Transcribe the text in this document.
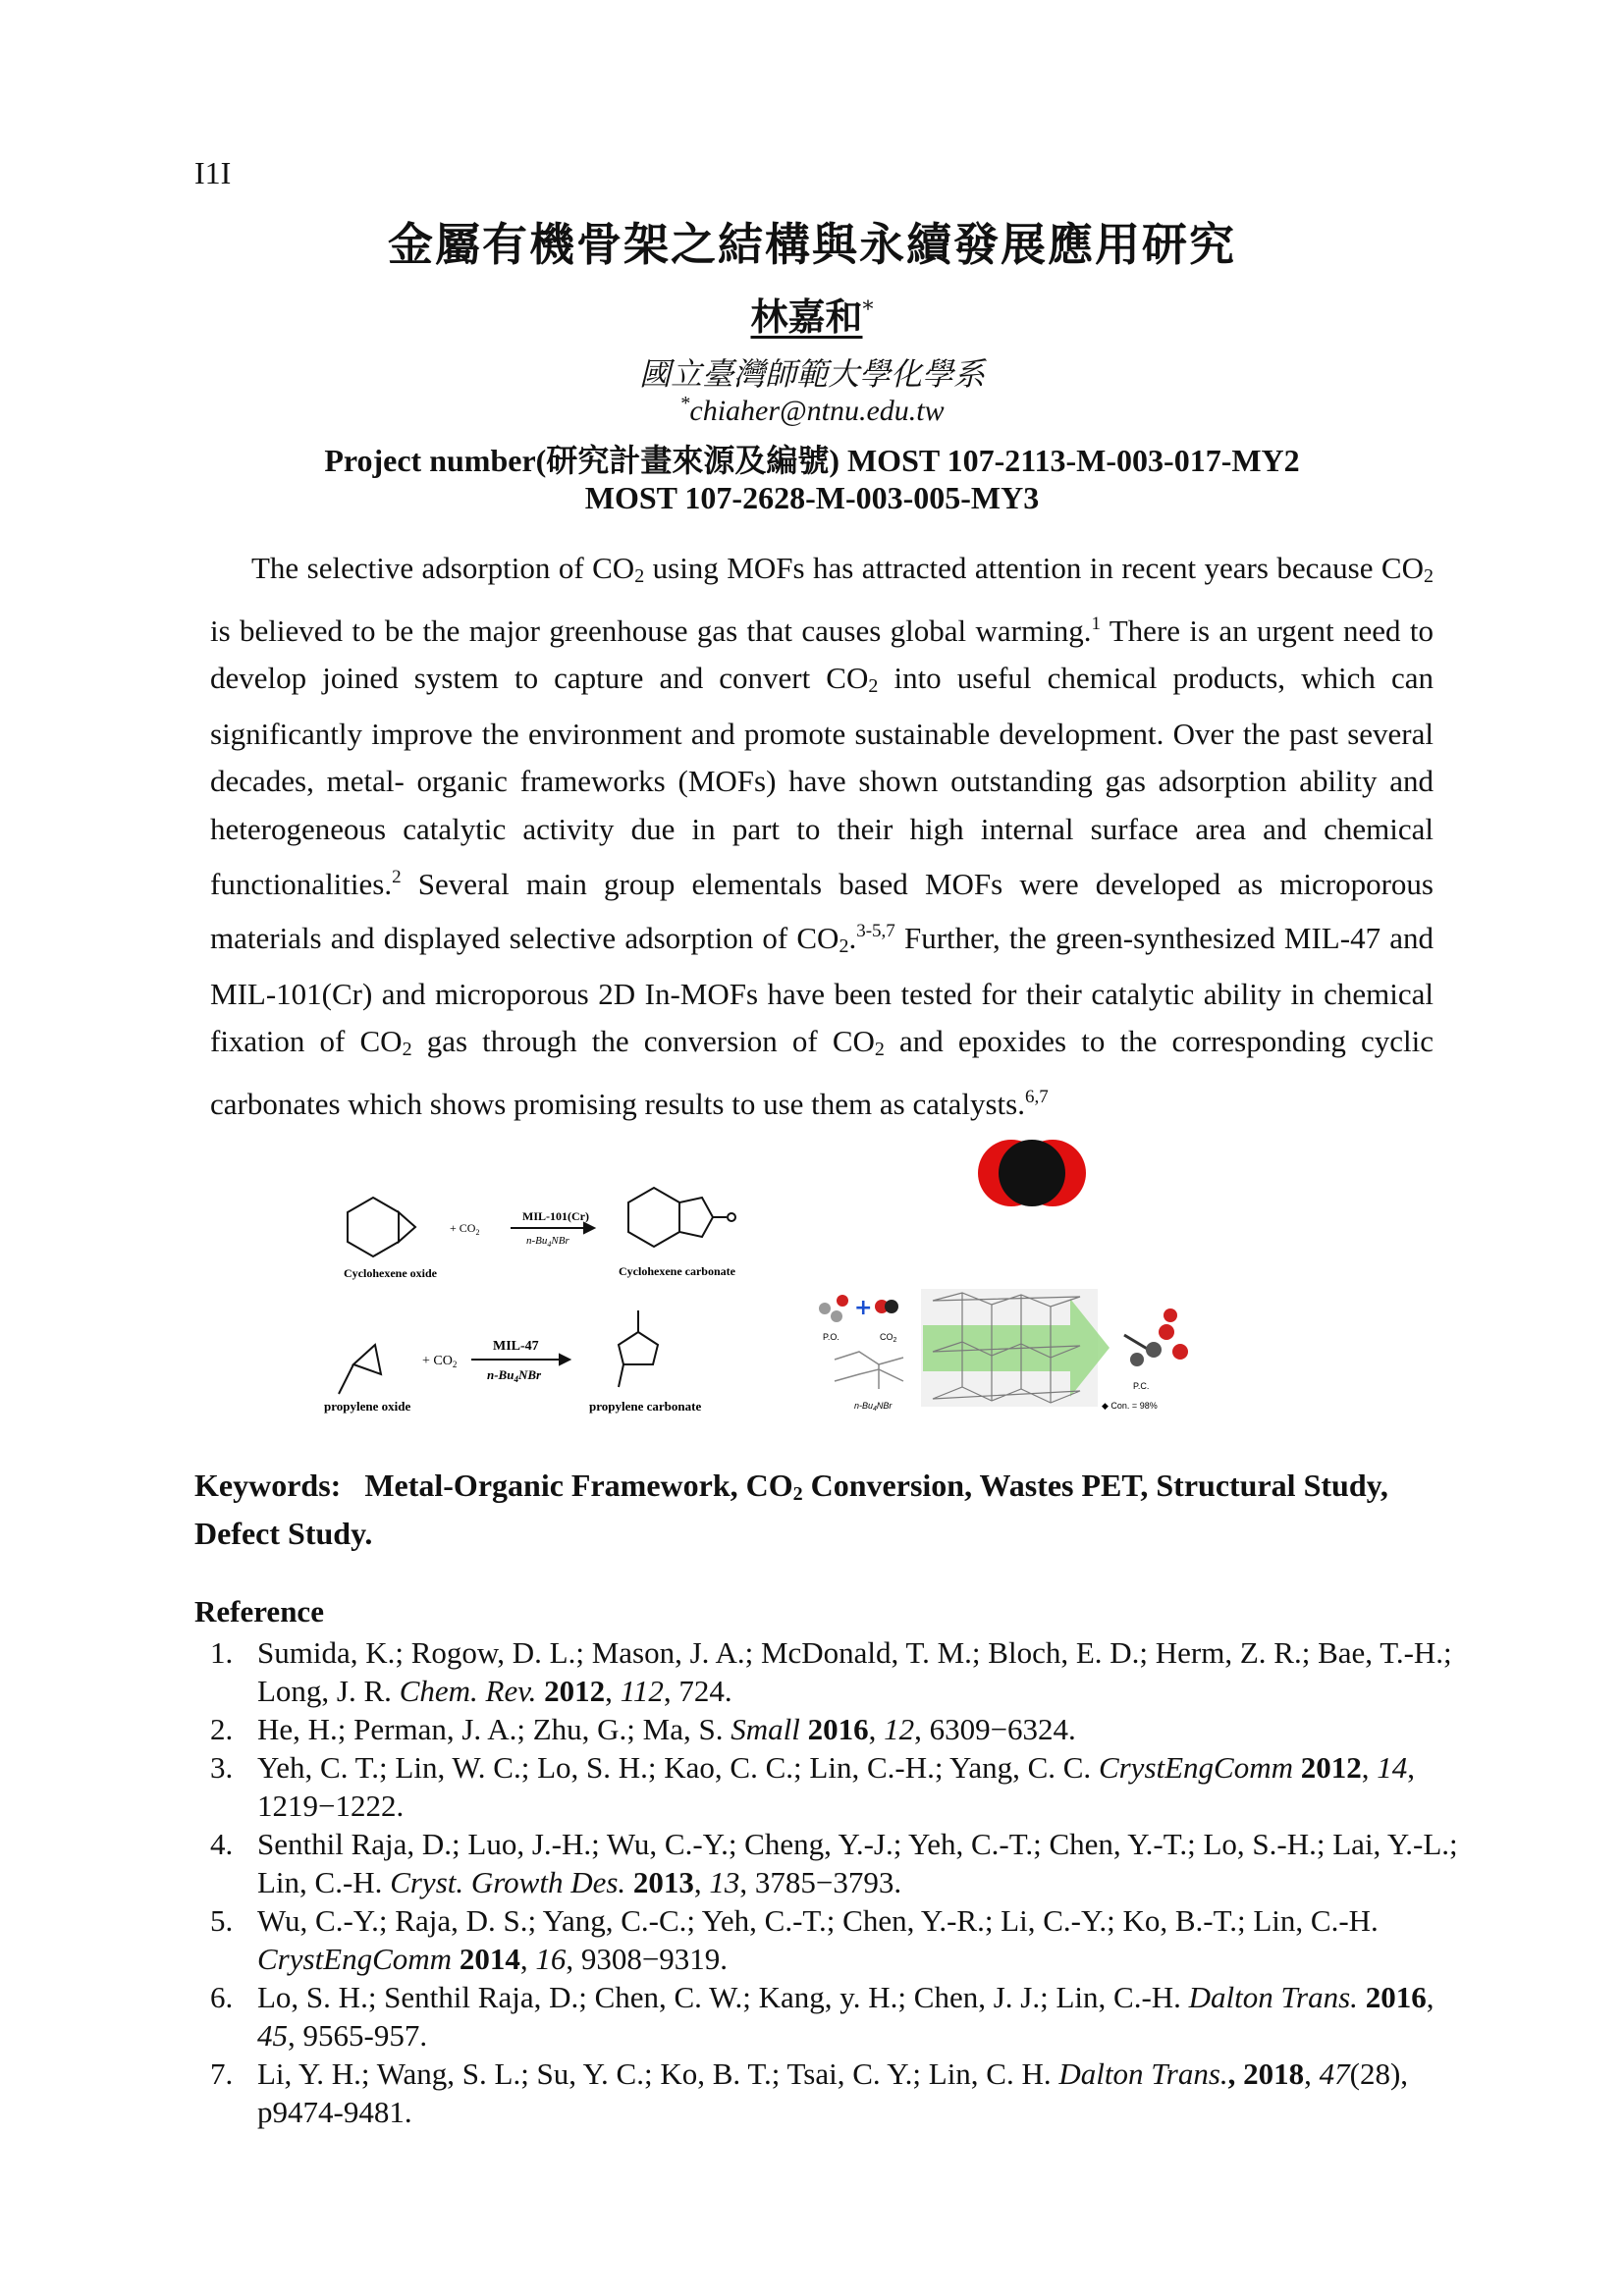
I1I
金屬有機骨架之結構與永續發展應用研究
林嘉和*
國立臺灣師範大學化學系
*chiaher@ntnu.edu.tw
Project number(研究計畫來源及編號) MOST 107-2113-M-003-017-MY2
MOST 107-2628-M-003-005-MY3

The selective adsorption of $CO_2$ using MOFs has attracted attention in recent years because $CO_2$ is believed to be the major greenhouse gas that causes global warming.$^1$ There is an urgent need to develop joined system to capture and convert $CO_2$ into useful chemical products, which can significantly improve the environment and promote sustainable development. Over the past several decades, metal- organic frameworks (MOFs) have shown outstanding gas adsorption ability and heterogeneous catalytic activity due in part to their high internal surface area and chemical functionalities.$^2$ Several main group elementals based MOFs were developed as microporous materials and displayed selective adsorption of $CO_2.^{3-5,7}$ Further, the green-synthesized MIL-47 and MIL-101(Cr) and microporous 2D In-MOFs have been tested for their catalytic ability in chemical fixation of $CO_2$ gas through the conversion of $CO_2$ and epoxides to the corresponding cyclic carbonates which shows promising results to use them as catalysts.$^{6,7}$

Cyclohexene oxide
+ $CO_2$
MIL-101(Cr)
$n-Bu_4NBr$
Cyclohexene carbonate
propylene oxide
+ $CO_2$
MIL-47
$n-Bu_4NBr$
propylene carbonate
+
P.O.	$CO_2$
$n-Bu_4NBr$
P.C.
◆ Con. = 98%
Keywords: Metal-Organic Framework, $CO_2$ Conversion, Wastes PET, Structural Study, Defect Study.
Reference
1. Sumida, K.; Rogow, D. L.; Mason, J. A.; McDonald, T. M.; Bloch, E. D.; Herm, Z. R.; Bae, T.-H.; Long, J. R. Chem. Rev. 2012, 112, 724.
2. He, H.; Perman, J. A.; Zhu, G.; Ma, S. Small 2016, 12, 6309−6324.
3. Yeh, C. T.; Lin, W. C.; Lo, S. H.; Kao, C. C.; Lin, C.-H.; Yang, C. C. CrystEngComm 2012, 14, 1219−1222.
4. Senthil Raja, D.; Luo, J.-H.; Wu, C.-Y.; Cheng, Y.-J.; Yeh, C.-T.; Chen, Y.-T.; Lo, S.-H.; Lai, Y.-L.; Lin, C.-H. Cryst. Growth Des. 2013, 13, 3785−3793.
5. Wu, C.-Y.; Raja, D. S.; Yang, C.-C.; Yeh, C.-T.; Chen, Y.-R.; Li, C.-Y.; Ko, B.-T.; Lin, C.-H. CrystEngComm 2014, 16, 9308−9319.
6. Lo, S. H.; Senthil Raja, D.; Chen, C. W.; Kang, y. H.; Chen, J. J.; Lin, C.-H. Dalton Trans. 2016, 45, 9565-957.
7. Li, Y. H.; Wang, S. L.; Su, Y. C.; Ko, B. T.; Tsai, C. Y.; Lin, C. H. Dalton Trans., 2018, 47(28), p9474-9481.
